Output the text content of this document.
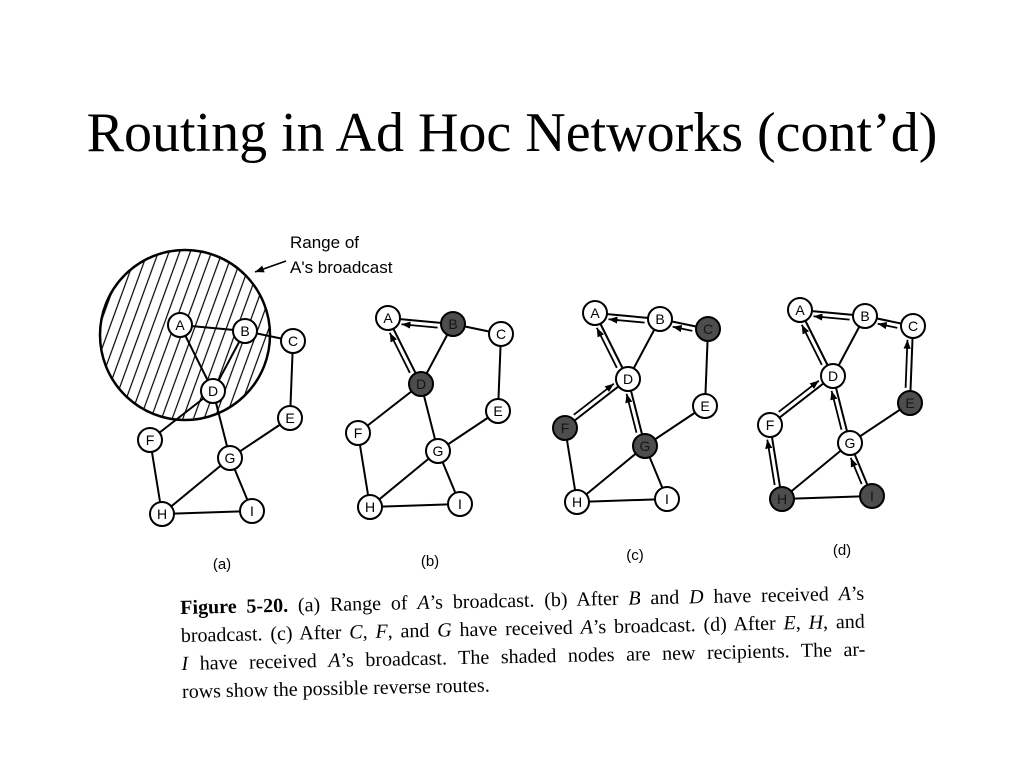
Routing in Ad Hoc Networks (cont’d)
Range of
A's broadcast
A	B
C
D
E
F
G
H	I
(a)
A	B
C
D
E
F
G
H	I
(b)
A	B
C
D
E
F
G
H	I
(c)
A	B
C
D
E
F
G
H	I
(d)
Figure 5-20. (a) Range of A’s broadcast. (b) After B and D have received A’s
broadcast. (c) After C, F, and G have received A’s broadcast. (d) After E, H, and
I have received A’s broadcast. The shaded nodes are new recipients. The ar-
rows show the possible reverse routes.
